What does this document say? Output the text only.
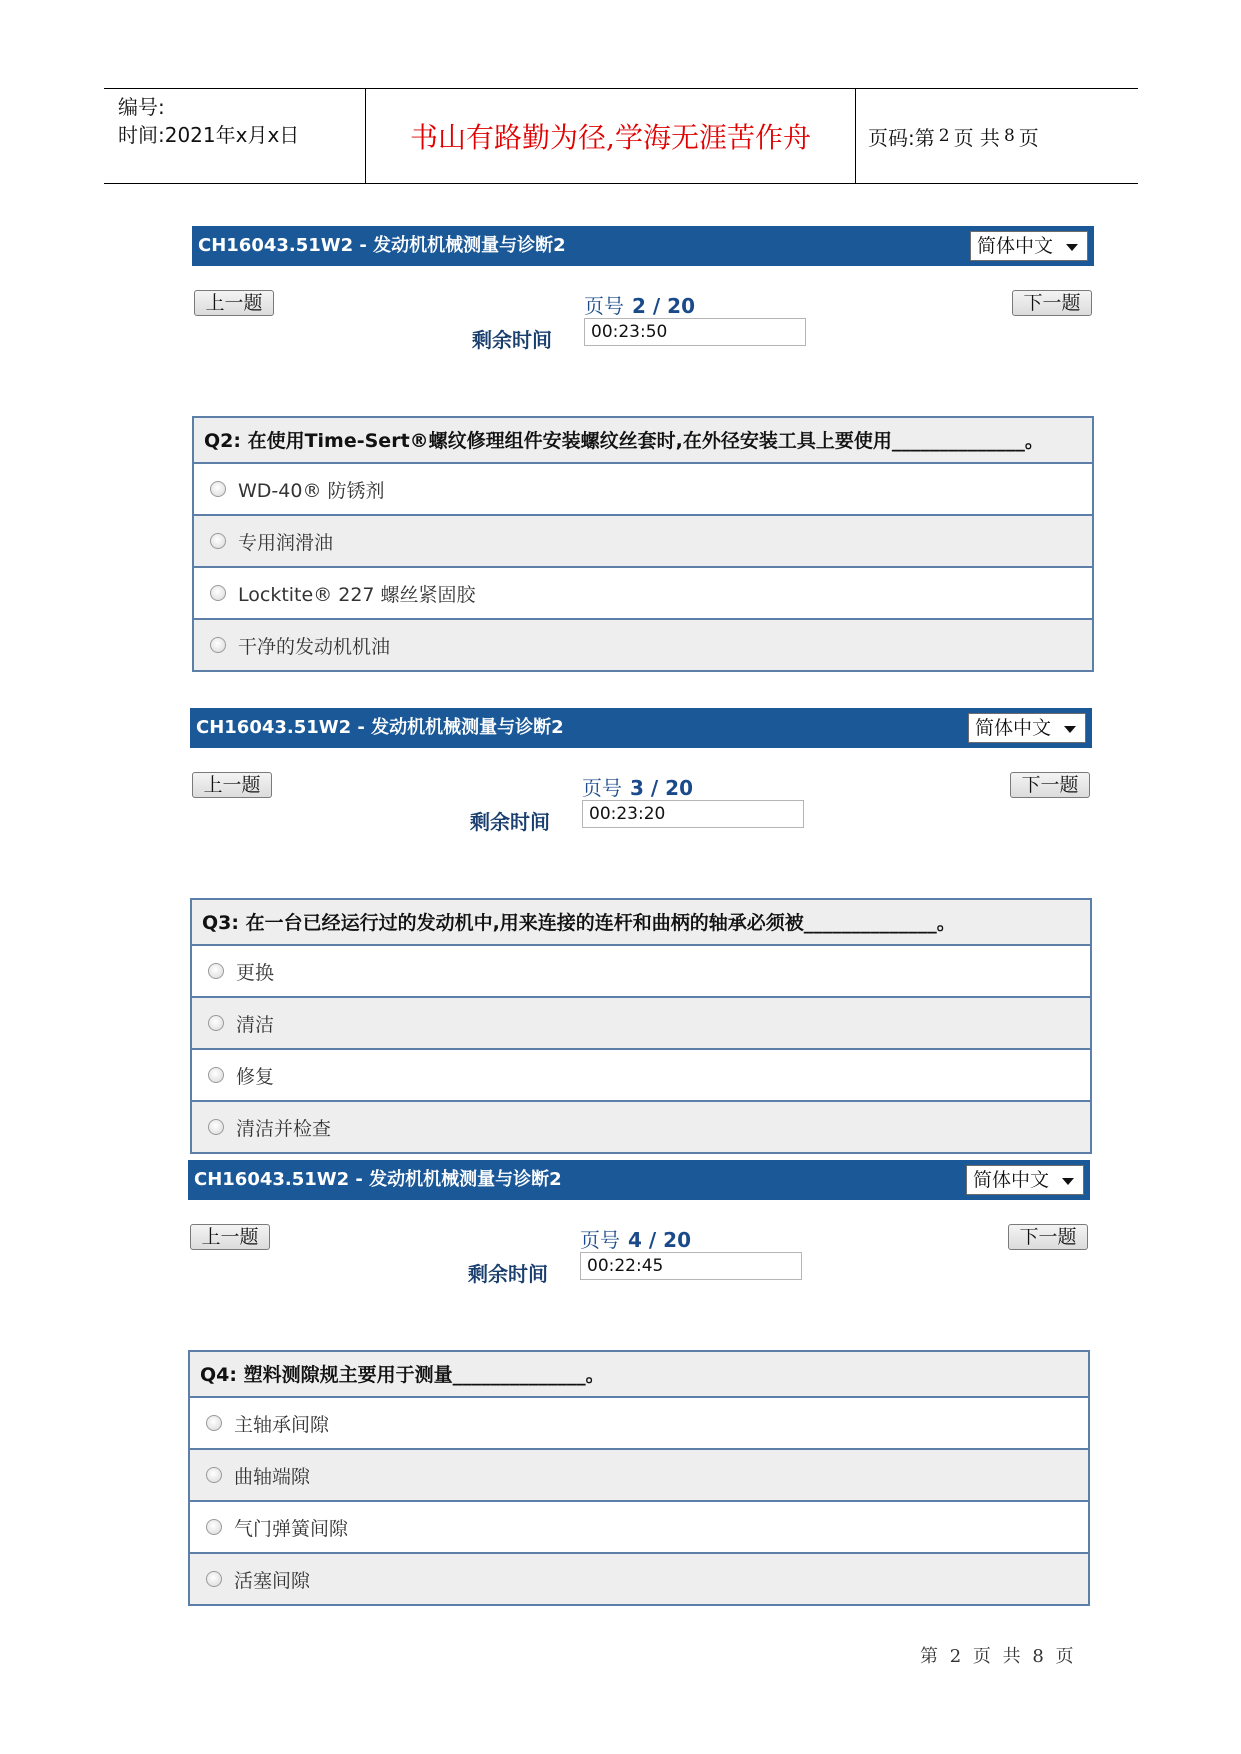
编号:
时间:2021年x月x日	书山有路勤为径,学海无涯苦作舟	页码:第 2 页 共 8 页
CH16043.51W2 - 发动机机械测量与诊断2	简体中文
上一题	页号 2 / 20	下一题
剩余时间	00:23:50
Q2: 在使用Time-Sert®螺纹修理组件安装螺纹丝套时,在外径安装工具上要使用______________。
WD-40® 防锈剂
专用润滑油
Locktite® 227 螺丝紧固胶
干净的发动机机油
CH16043.51W2 - 发动机机械测量与诊断2	简体中文
上一题	页号 3 / 20	下一题
剩余时间	00:23:20
Q3: 在一台已经运行过的发动机中,用来连接的连杆和曲柄的轴承必须被______________。
更换
清洁
修复
清洁并检查
CH16043.51W2 - 发动机机械测量与诊断2	简体中文
上一题	页号 4 / 20	下一题
剩余时间	00:22:45
Q4: 塑料测隙规主要用于测量______________。
主轴承间隙
曲轴端隙
气门弹簧间隙
活塞间隙
第 2 页 共 8 页
